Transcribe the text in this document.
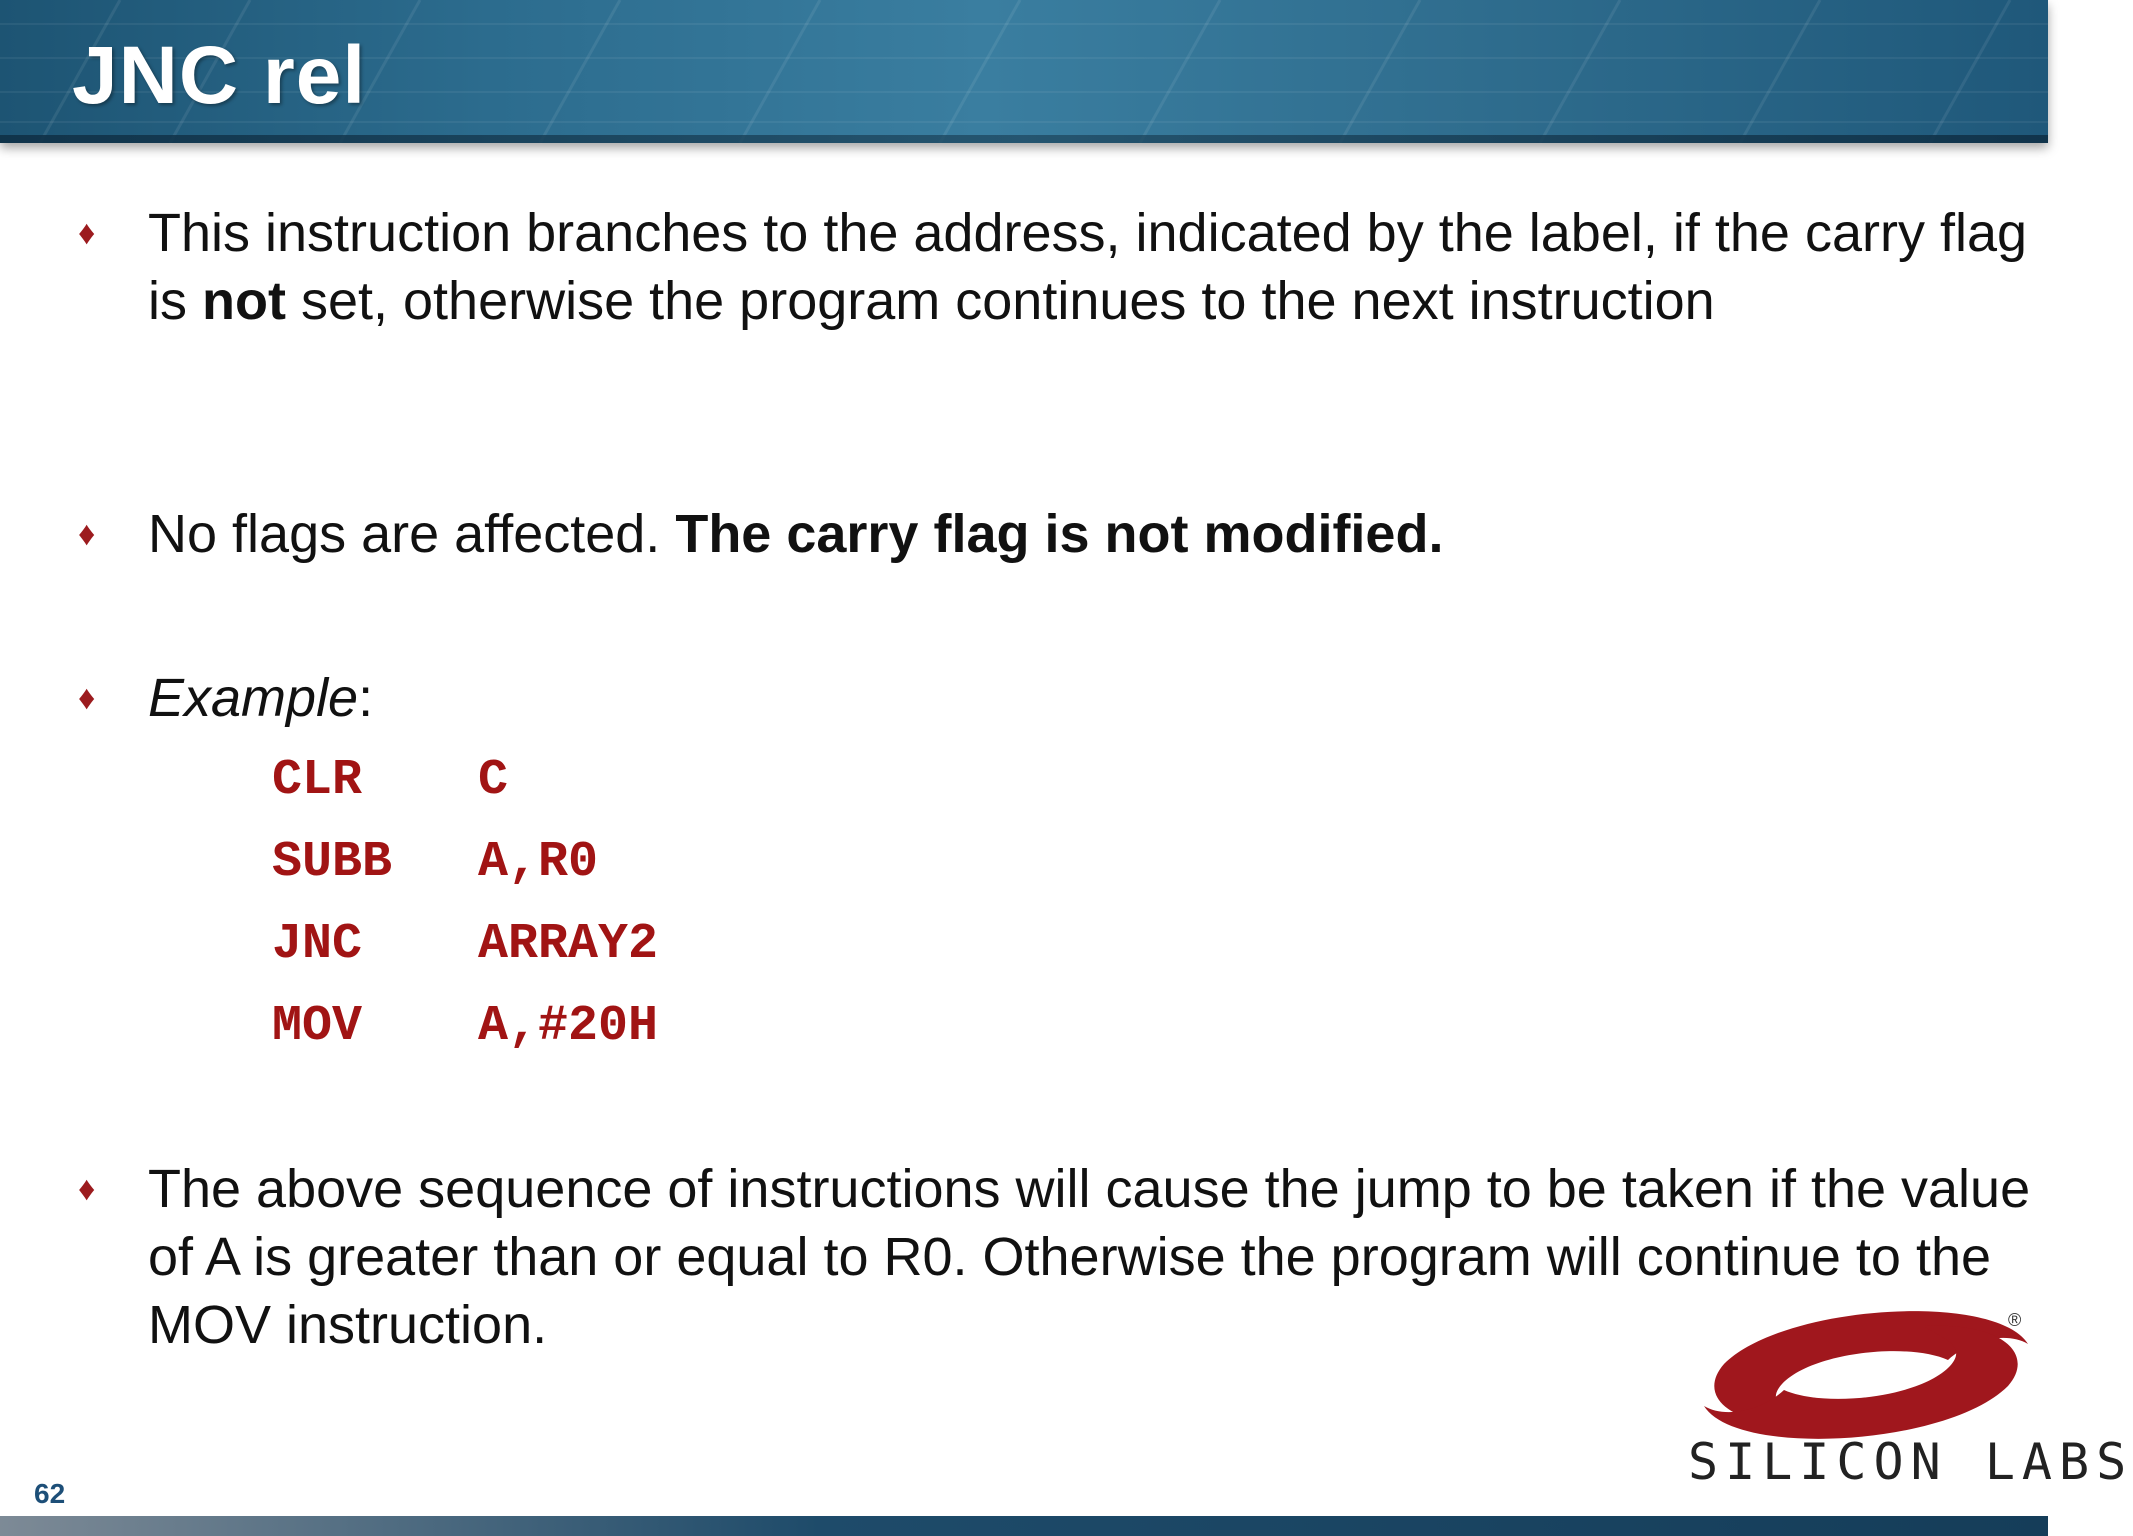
JNC rel
♦ This instruction branches to the address, indicated by the label, if the carry flag is not set, otherwise the program continues to the next instruction
♦ No flags are affected. The carry flag is not modified.
♦ Example:
CLR C
SUBB A,R0
JNC ARRAY2
MOV A,#20H
♦ The above sequence of instructions will cause the jump to be taken if the value of A is greater than or equal to R0. Otherwise the program will continue to the MOV instruction.	®
SILICON LABS
62
